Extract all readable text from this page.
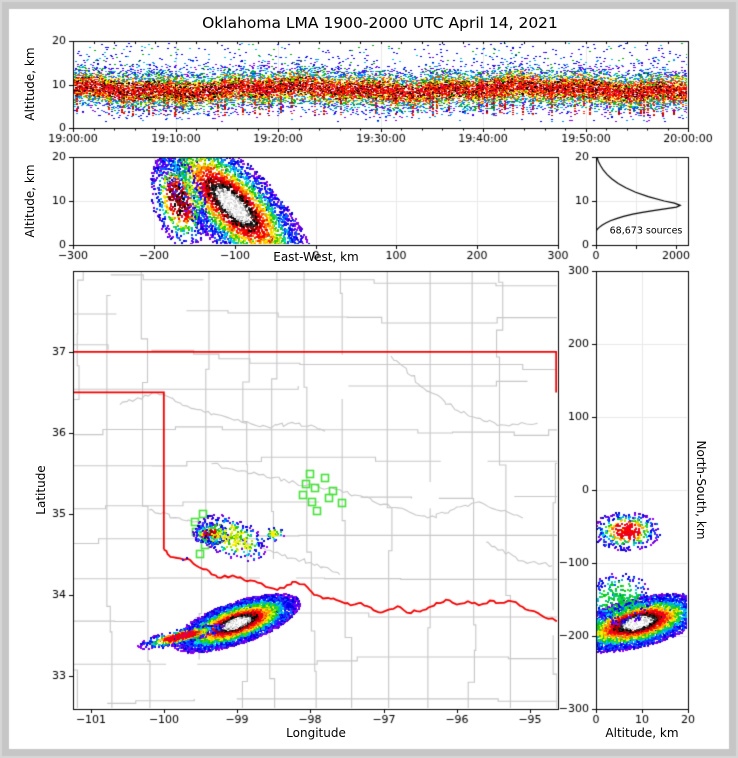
Oklahoma LMA 1900-2000 UTC April 14, 2021
Altitude, km
Altitude, km
East-West, km
Latitude
Longitude	Altitude, km
North-South, km
68,673 sources
